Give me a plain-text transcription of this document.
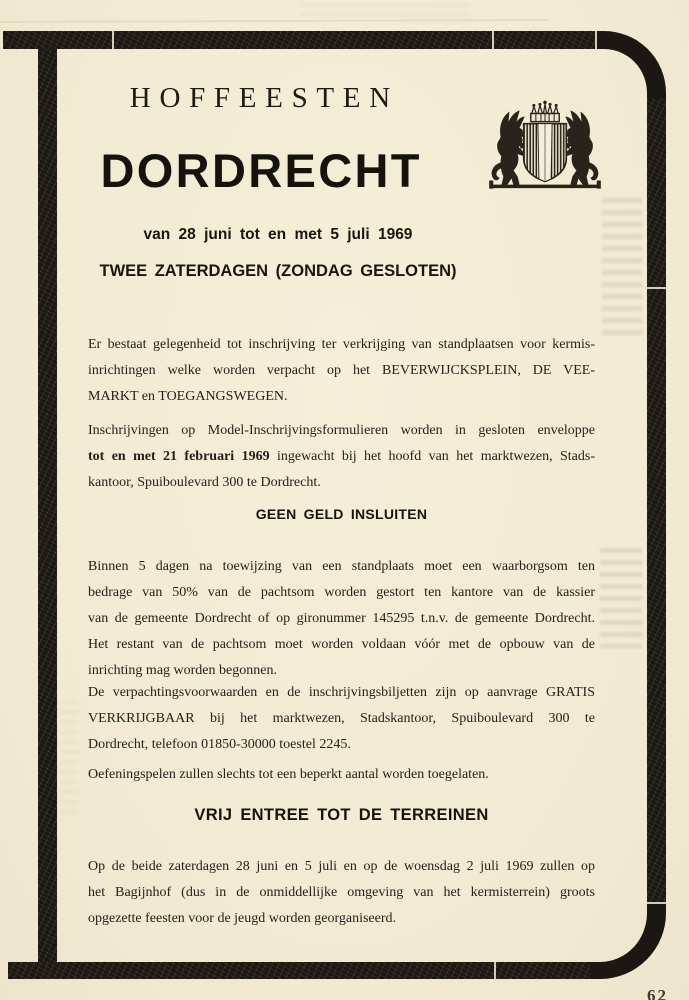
HOFFEESTEN
DORDRECHT
van 28 juni tot en met 5 juli 1969
TWEE ZATERDAGEN (ZONDAG GESLOTEN)
Er bestaat gelegenheid tot inschrijving ter verkrijging van standplaatsen voor kermis-
inrichtingen welke worden verpacht op het BEVERWIJCKSPLEIN, DE VEE-
MARKT en TOEGANGSWEGEN.
Inschrijvingen op Model-Inschrijvingsformulieren worden in gesloten enveloppe
tot en met 21 februari 1969 ingewacht bij het hoofd van het marktwezen, Stads-
kantoor, Spuiboulevard 300 te Dordrecht.
GEEN GELD INSLUITEN
Binnen 5 dagen na toewijzing van een standplaats moet een waarborgsom ten
bedrage van 50% van de pachtsom worden gestort ten kantore van de kassier
van de gemeente Dordrecht of op gironummer 145295 t.n.v. de gemeente Dordrecht.
Het restant van de pachtsom moet worden voldaan vóór met de opbouw van de
inrichting mag worden begonnen.
De verpachtingsvoorwaarden en de inschrijvingsbiljetten zijn op aanvrage GRATIS
VERKRIJGBAAR bij het marktwezen, Stadskantoor, Spuiboulevard 300 te
Dordrecht, telefoon 01850-30000 toestel 2245.
Oefeningspelen zullen slechts tot een beperkt aantal worden toegelaten.
VRIJ ENTREE TOT DE TERREINEN
Op de beide zaterdagen 28 juni en 5 juli en op de woensdag 2 juli 1969 zullen op
het Bagijnhof (dus in de onmiddellijke omgeving van het kermisterrein) groots
opgezette feesten voor de jeugd worden georganiseerd.
62
